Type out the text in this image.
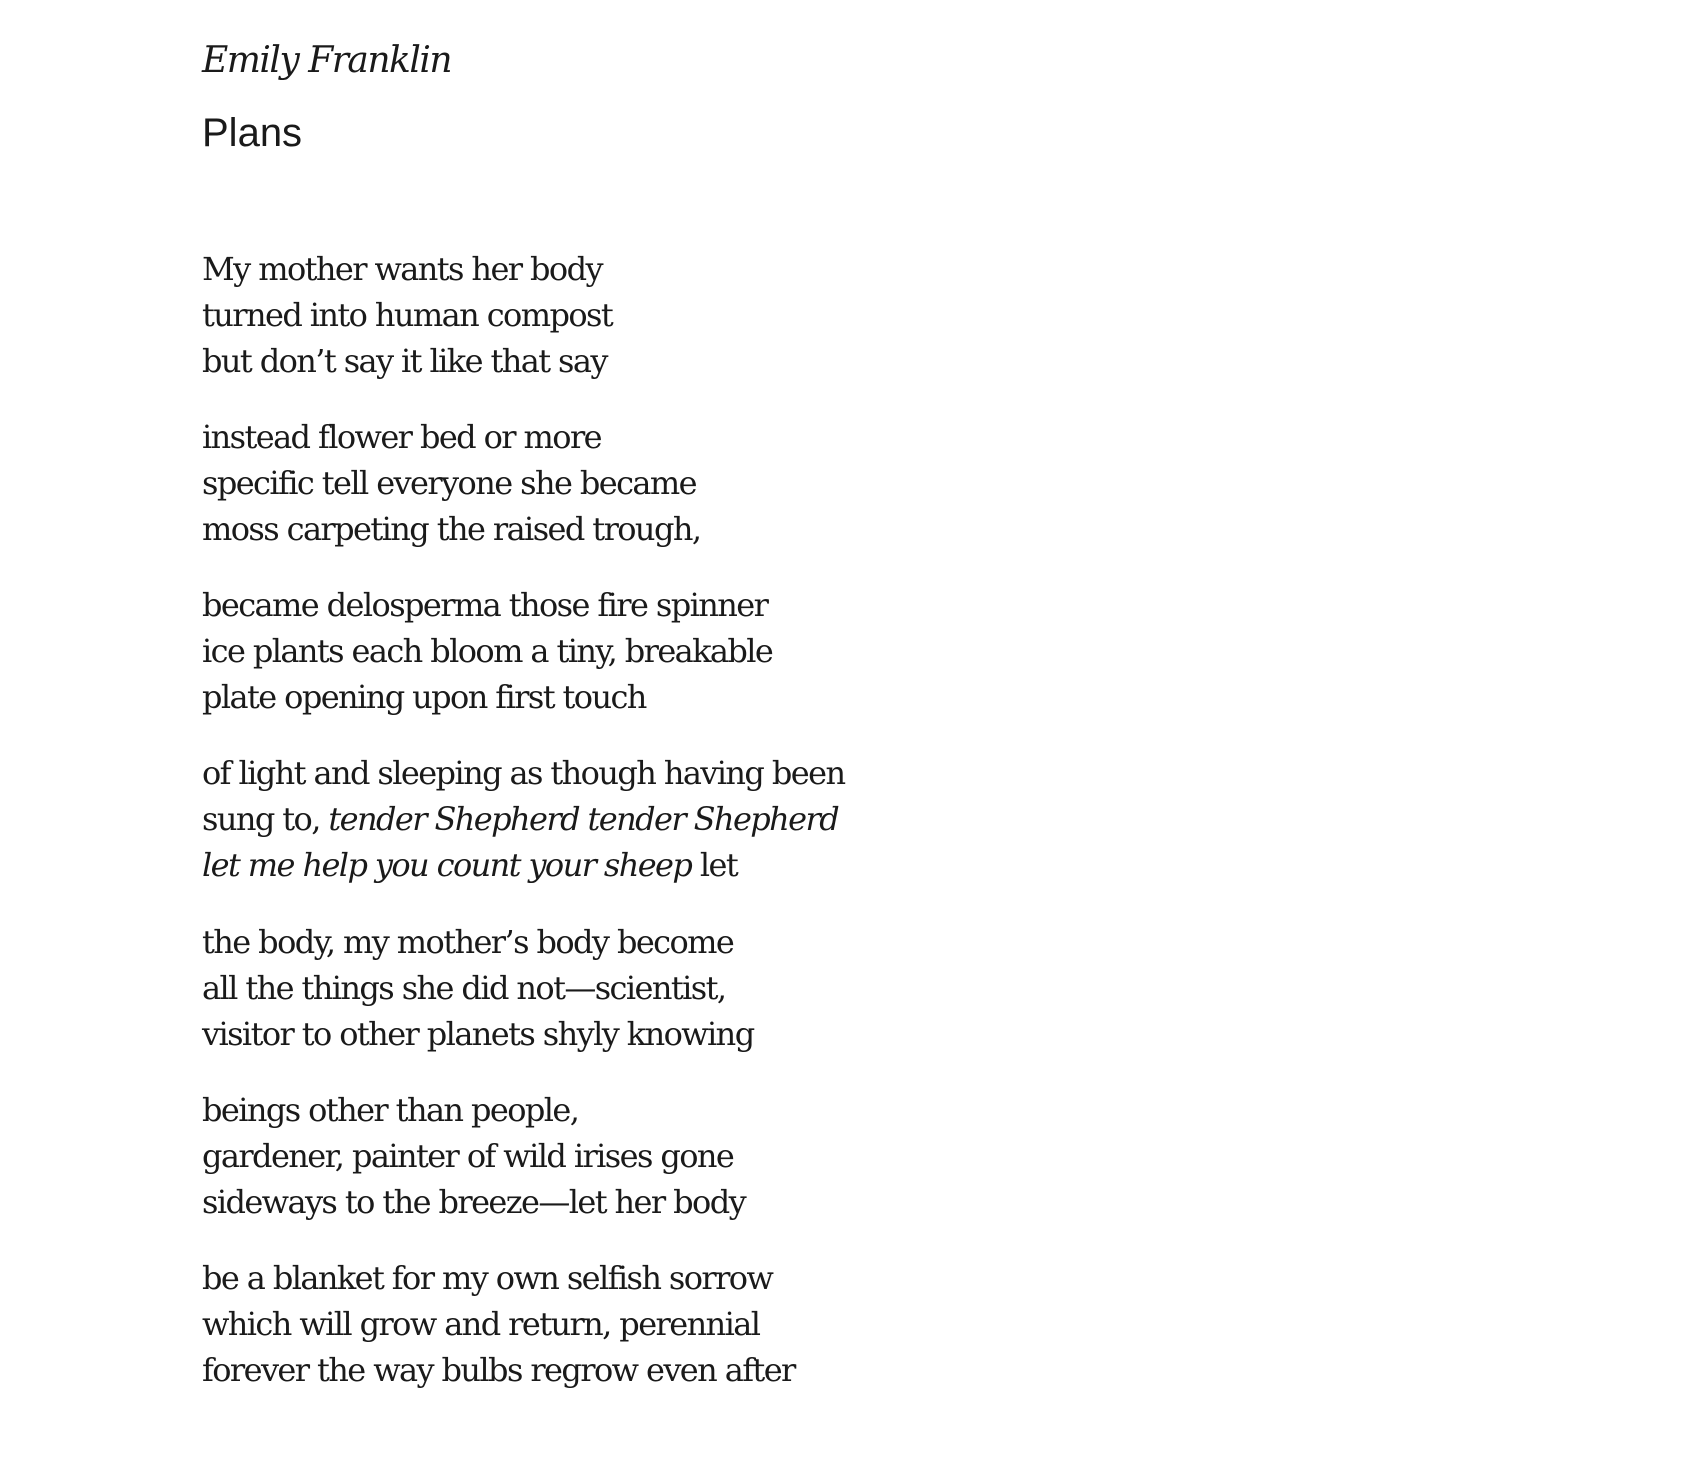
Emily Franklin

Plans
My mother wants her body
turned into human compost
but don’t say it like that say
instead flower bed or more
specific tell everyone she became
moss carpeting the raised trough,
became delosperma those fire spinner
ice plants each bloom a tiny, breakable
plate opening upon first touch
of light and sleeping as though having been
sung to, tender Shepherd tender Shepherd
let me help you count your sheep let
the body, my mother’s body become
all the things she did not—scientist,
visitor to other planets shyly knowing
beings other than people,
gardener, painter of wild irises gone
sideways to the breeze—let her body
be a blanket for my own selfish sorrow
which will grow and return, perennial
forever the way bulbs regrow even after
